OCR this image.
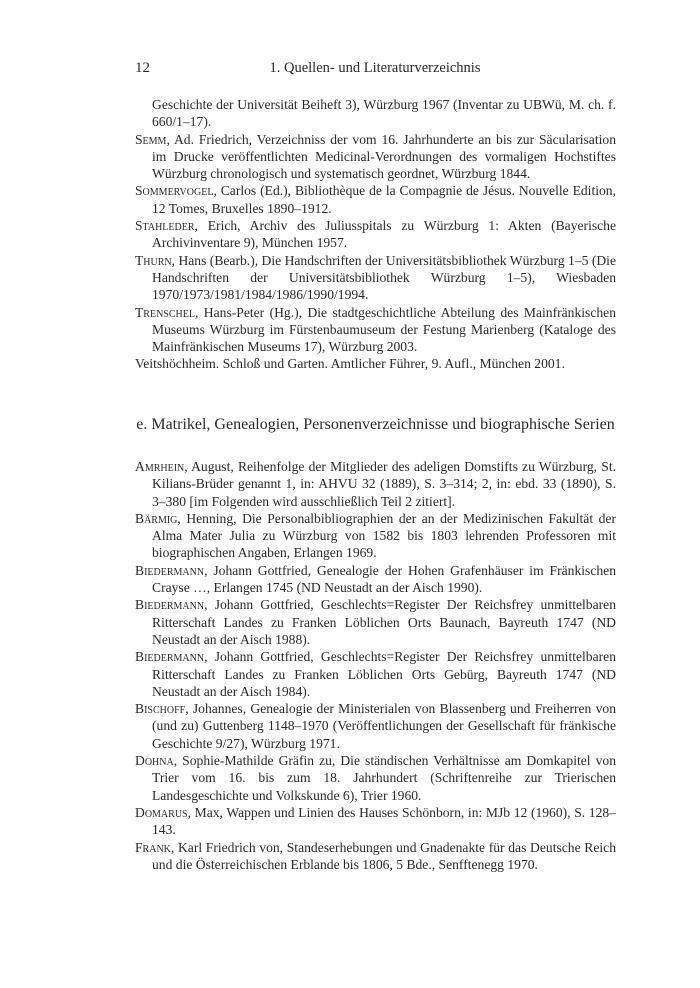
12	1. Quellen- und Literaturverzeichnis

Geschichte der Universität Beiheft 3), Würzburg 1967 (Inventar zu UBWü, M. ch. f. 660/1–17).

Semm, Ad. Friedrich, Verzeichniss der vom 16. Jahrhunderte an bis zur Säcularisation im Drucke veröffentlichten Medicinal-Verordnungen des vormaligen Hochstiftes Würzburg chronologisch und systematisch geordnet, Würzburg 1844.

Sommervogel, Carlos (Ed.), Bibliothèque de la Compagnie de Jésus. Nouvelle Edition, 12 Tomes, Bruxelles 1890–1912.

Stahleder, Erich, Archiv des Juliusspitals zu Würzburg 1: Akten (Bayerische Archivinventare 9), München 1957.

Thurn, Hans (Bearb.), Die Handschriften der Universitätsbibliothek Würzburg 1–5 (Die Handschriften der Universitätsbibliothek Würzburg 1–5), Wiesbaden 1970/1973/1981/1984/1986/1990/1994.

Trenschel, Hans-Peter (Hg.), Die stadtgeschichtliche Abteilung des Mainfränkischen Museums Würzburg im Fürstenbaumuseum der Festung Marienberg (Kataloge des Mainfränkischen Museums 17), Würzburg 2003.

Veitshöchheim. Schloß und Garten. Amtlicher Führer, 9. Aufl., München 2001.

e. Matrikel, Genealogien, Personenverzeichnisse und biographische Serien

Amrhein, August, Reihenfolge der Mitglieder des adeligen Domstifts zu Würzburg, St. Kilians-Brüder genannt 1, in: AHVU 32 (1889), S. 3–314; 2, in: ebd. 33 (1890), S. 3–380 [im Folgenden wird ausschließlich Teil 2 zitiert].

Bärmig, Henning, Die Personalbibliographien der an der Medizinischen Fakultät der Alma Mater Julia zu Würzburg von 1582 bis 1803 lehrenden Professoren mit biographischen Angaben, Erlangen 1969.

Biedermann, Johann Gottfried, Genealogie der Hohen Grafenhäuser im Fränkischen Crayse …, Erlangen 1745 (ND Neustadt an der Aisch 1990).

Biedermann, Johann Gottfried, Geschlechts=Register Der Reichsfrey unmittelbaren Ritterschaft Landes zu Franken Löblichen Orts Baunach, Bayreuth 1747 (ND Neustadt an der Aisch 1988).

Biedermann, Johann Gottfried, Geschlechts=Register Der Reichsfrey unmittelbaren Ritterschaft Landes zu Franken Löblichen Orts Gebürg, Bayreuth 1747 (ND Neustadt an der Aisch 1984).

Bischoff, Johannes, Genealogie der Ministerialen von Blassenberg und Freiherren von (und zu) Guttenberg 1148–1970 (Veröffentlichungen der Gesellschaft für fränkische Geschichte 9/27), Würzburg 1971.

Dohna, Sophie-Mathilde Gräfin zu, Die ständischen Verhältnisse am Domkapitel von Trier vom 16. bis zum 18. Jahrhundert (Schriftenreihe zur Trierischen Landesgeschichte und Volkskunde 6), Trier 1960.

Domarus, Max, Wappen und Linien des Hauses Schönborn, in: MJb 12 (1960), S. 128–143.

Frank, Karl Friedrich von, Standeserhebungen und Gnadenakte für das Deutsche Reich und die Österreichischen Erblande bis 1806, 5 Bde., Senfftenegg 1970.
